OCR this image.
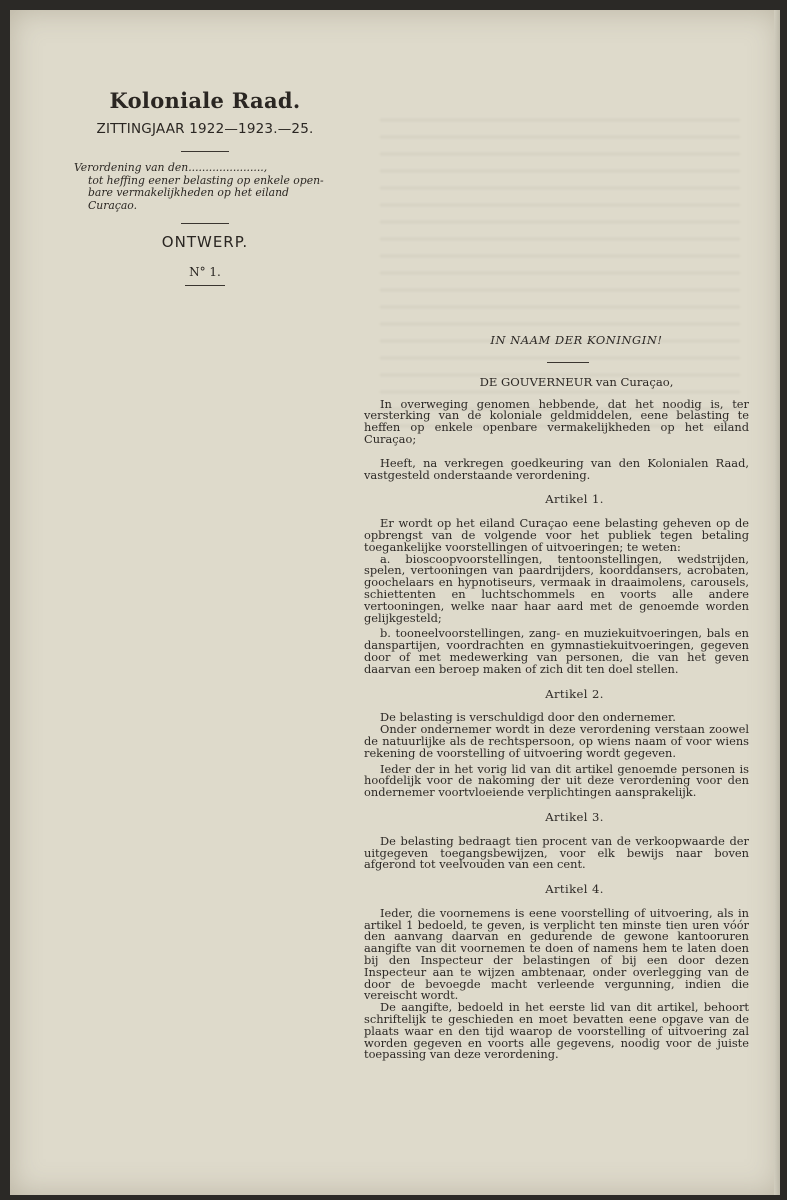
Koloniale Raad.
ZITTINGJAAR 1922—1923.—25.
Verordening van den......................,
tot heffing eener belasting op enkele open-
bare vermakelijkheden op het eiland Curaçao.
ONTWERP.
N° 1.
IN NAAM DER KONINGIN!
DE GOUVERNEUR van Curaçao,

In overweging genomen hebbende, dat het noodig is, ter versterking van de koloniale geldmiddelen, eene belasting te heffen op enkele openbare vermakelijkheden op het eiland Curaçao;

Heeft, na verkregen goedkeuring van den Kolonialen Raad, vastgesteld onderstaande verordening.

Artikel 1.

Er wordt op het eiland Curaçao eene belasting geheven op de opbrengst van de volgende voor het publiek tegen betaling toegankelijke voorstellingen of uitvoeringen; te weten:

a. bioscoopvoorstellingen, tentoonstellingen, wedstrijden, spelen, vertooningen van paardrijders, koorddansers, acrobaten, goochelaars en hypnotiseurs, vermaak in draaimolens, carousels, schiettenten en luchtschommels en voorts alle andere vertooningen, welke naar haar aard met de genoemde worden gelijkgesteld;

b. tooneelvoorstellingen, zang- en muziekuitvoeringen, bals en danspartijen, voordrachten en gymnastiekuitvoeringen, gegeven door of met medewerking van personen, die van het geven daarvan een beroep maken of zich dit ten doel stellen.

Artikel 2.

De belasting is verschuldigd door den ondernemer.

Onder ondernemer wordt in deze verordening verstaan zoowel de natuurlijke als de rechtspersoon, op wiens naam of voor wiens rekening de voorstelling of uitvoering wordt gegeven.

Ieder der in het vorig lid van dit artikel genoemde personen is hoofdelijk voor de nakoming der uit deze verordening voor den ondernemer voortvloeiende verplichtingen aansprakelijk.

Artikel 3.

De belasting bedraagt tien procent van de verkoopwaarde der uitgegeven toegangsbewijzen, voor elk bewijs naar boven afgerond tot veelvouden van een cent.

Artikel 4.

Ieder, die voornemens is eene voorstelling of uitvoering, als in artikel 1 bedoeld, te geven, is verplicht ten minste tien uren vóór den aanvang daarvan en gedurende de gewone kantooruren aangifte van dit voornemen te doen of namens hem te laten doen bij den Inspecteur der belastingen of bij een door dezen Inspecteur aan te wijzen ambtenaar, onder overlegging van de door de bevoegde macht verleende vergunning, indien die vereischt wordt.

De aangifte, bedoeld in het eerste lid van dit artikel, behoort schriftelijk te geschieden en moet bevatten eene opgave van de plaats waar en den tijd waarop de voorstelling of uitvoering zal worden gegeven en voorts alle gegevens, noodig voor de juiste toepassing van deze verordening.
